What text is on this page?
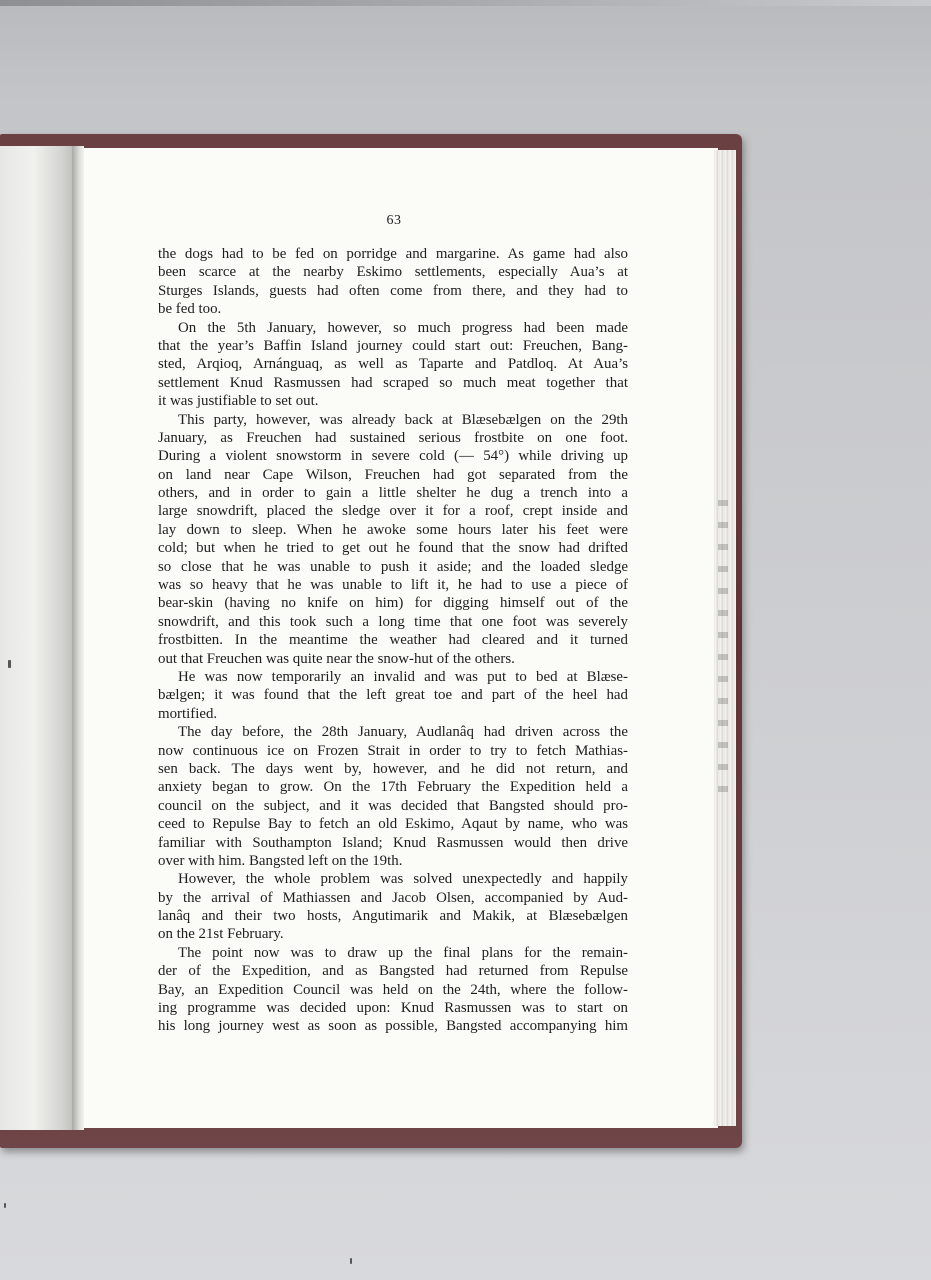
63
the dogs had to be fed on porridge and margarine. As game had also
been scarce at the nearby Eskimo settlements, especially Aua’s at
Sturges Islands, guests had often come from there, and they had to
be fed too.
On the 5th January, however, so much progress had been made
that the year’s Baffin Island journey could start out: Freuchen, Bang-
sted, Arqioq, Arnánguaq, as well as Taparte and Patdloq. At Aua’s
settlement Knud Rasmussen had scraped so much meat together that
it was justifiable to set out.
This party, however, was already back at Blæsebælgen on the 29th
January, as Freuchen had sustained serious frostbite on one foot.
During a violent snowstorm in severe cold (— 54°) while driving up
on land near Cape Wilson, Freuchen had got separated from the
others, and in order to gain a little shelter he dug a trench into a
large snowdrift, placed the sledge over it for a roof, crept inside and
lay down to sleep. When he awoke some hours later his feet were
cold; but when he tried to get out he found that the snow had drifted
so close that he was unable to push it aside; and the loaded sledge
was so heavy that he was unable to lift it, he had to use a piece of
bear-skin (having no knife on him) for digging himself out of the
snowdrift, and this took such a long time that one foot was severely
frostbitten. In the meantime the weather had cleared and it turned
out that Freuchen was quite near the snow-hut of the others.
He was now temporarily an invalid and was put to bed at Blæse-
bælgen; it was found that the left great toe and part of the heel had
mortified.
The day before, the 28th January, Audlanâq had driven across the
now continuous ice on Frozen Strait in order to try to fetch Mathias-
sen back. The days went by, however, and he did not return, and
anxiety began to grow. On the 17th February the Expedition held a
council on the subject, and it was decided that Bangsted should pro-
ceed to Repulse Bay to fetch an old Eskimo, Aqaut by name, who was
familiar with Southampton Island; Knud Rasmussen would then drive
over with him. Bangsted left on the 19th.
However, the whole problem was solved unexpectedly and happily
by the arrival of Mathiassen and Jacob Olsen, accompanied by Aud-
lanâq and their two hosts, Angutimarik and Makik, at Blæsebælgen
on the 21st February.
The point now was to draw up the final plans for the remain-
der of the Expedition, and as Bangsted had returned from Repulse
Bay, an Expedition Council was held on the 24th, where the follow-
ing programme was decided upon: Knud Rasmussen was to start on
his long journey west as soon as possible, Bangsted accompanying him
